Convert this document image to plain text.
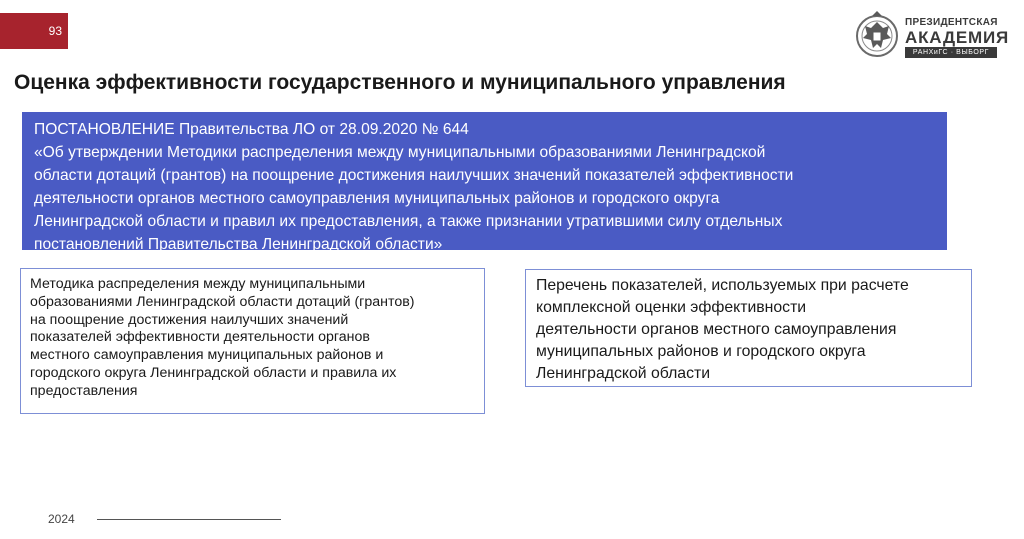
93
ПРЕЗИДЕНТСКАЯ
АКАДЕМИЯ
РАНХиГС · ВЫБОРГ
Оценка эффективности государственного и муниципального управления
ПОСТАНОВЛЕНИЕ Правительства ЛО от 28.09.2020 № 644
«Об утверждении Методики распределения между муниципальными образованиями Ленинградской
области дотаций (грантов) на поощрение достижения наилучших значений показателей эффективности
деятельности органов местного самоуправления муниципальных районов и городского округа
Ленинградской области и правил их предоставления, а также признании утратившими силу отдельных
постановлений Правительства Ленинградской области»
Методика распределения между муниципальными
образованиями Ленинградской области дотаций (грантов)
на поощрение достижения наилучших значений
показателей эффективности деятельности органов
местного самоуправления муниципальных районов и
городского округа Ленинградской области и правила их
предоставления
Перечень показателей, используемых при расчете
комплексной оценки эффективности
деятельности органов местного самоуправления
муниципальных районов и городского округа
Ленинградской области
2024
